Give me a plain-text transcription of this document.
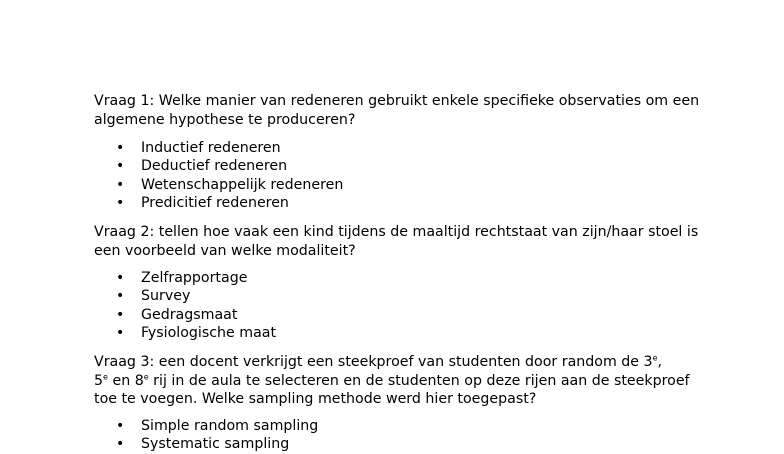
Vraag 1: Welke manier van redeneren gebruikt enkele specifieke observaties om een algemene hypothese te produceren?

• Inductief redeneren
• Deductief redeneren
• Wetenschappelijk redeneren
• Predicitief redeneren

Vraag 2: tellen hoe vaak een kind tijdens de maaltijd rechtstaat van zijn/haar stoel is een voorbeeld van welke modaliteit?

• Zelfrapportage
• Survey
• Gedragsmaat
• Fysiologische maat

Vraag 3: een docent verkrijgt een steekproef van studenten door random de 3e,
5e en 8e rij in de aula te selecteren en de studenten op deze rijen aan de steekproef toe te voegen. Welke sampling methode werd hier toegepast?

• Simple random sampling
• Systematic sampling
